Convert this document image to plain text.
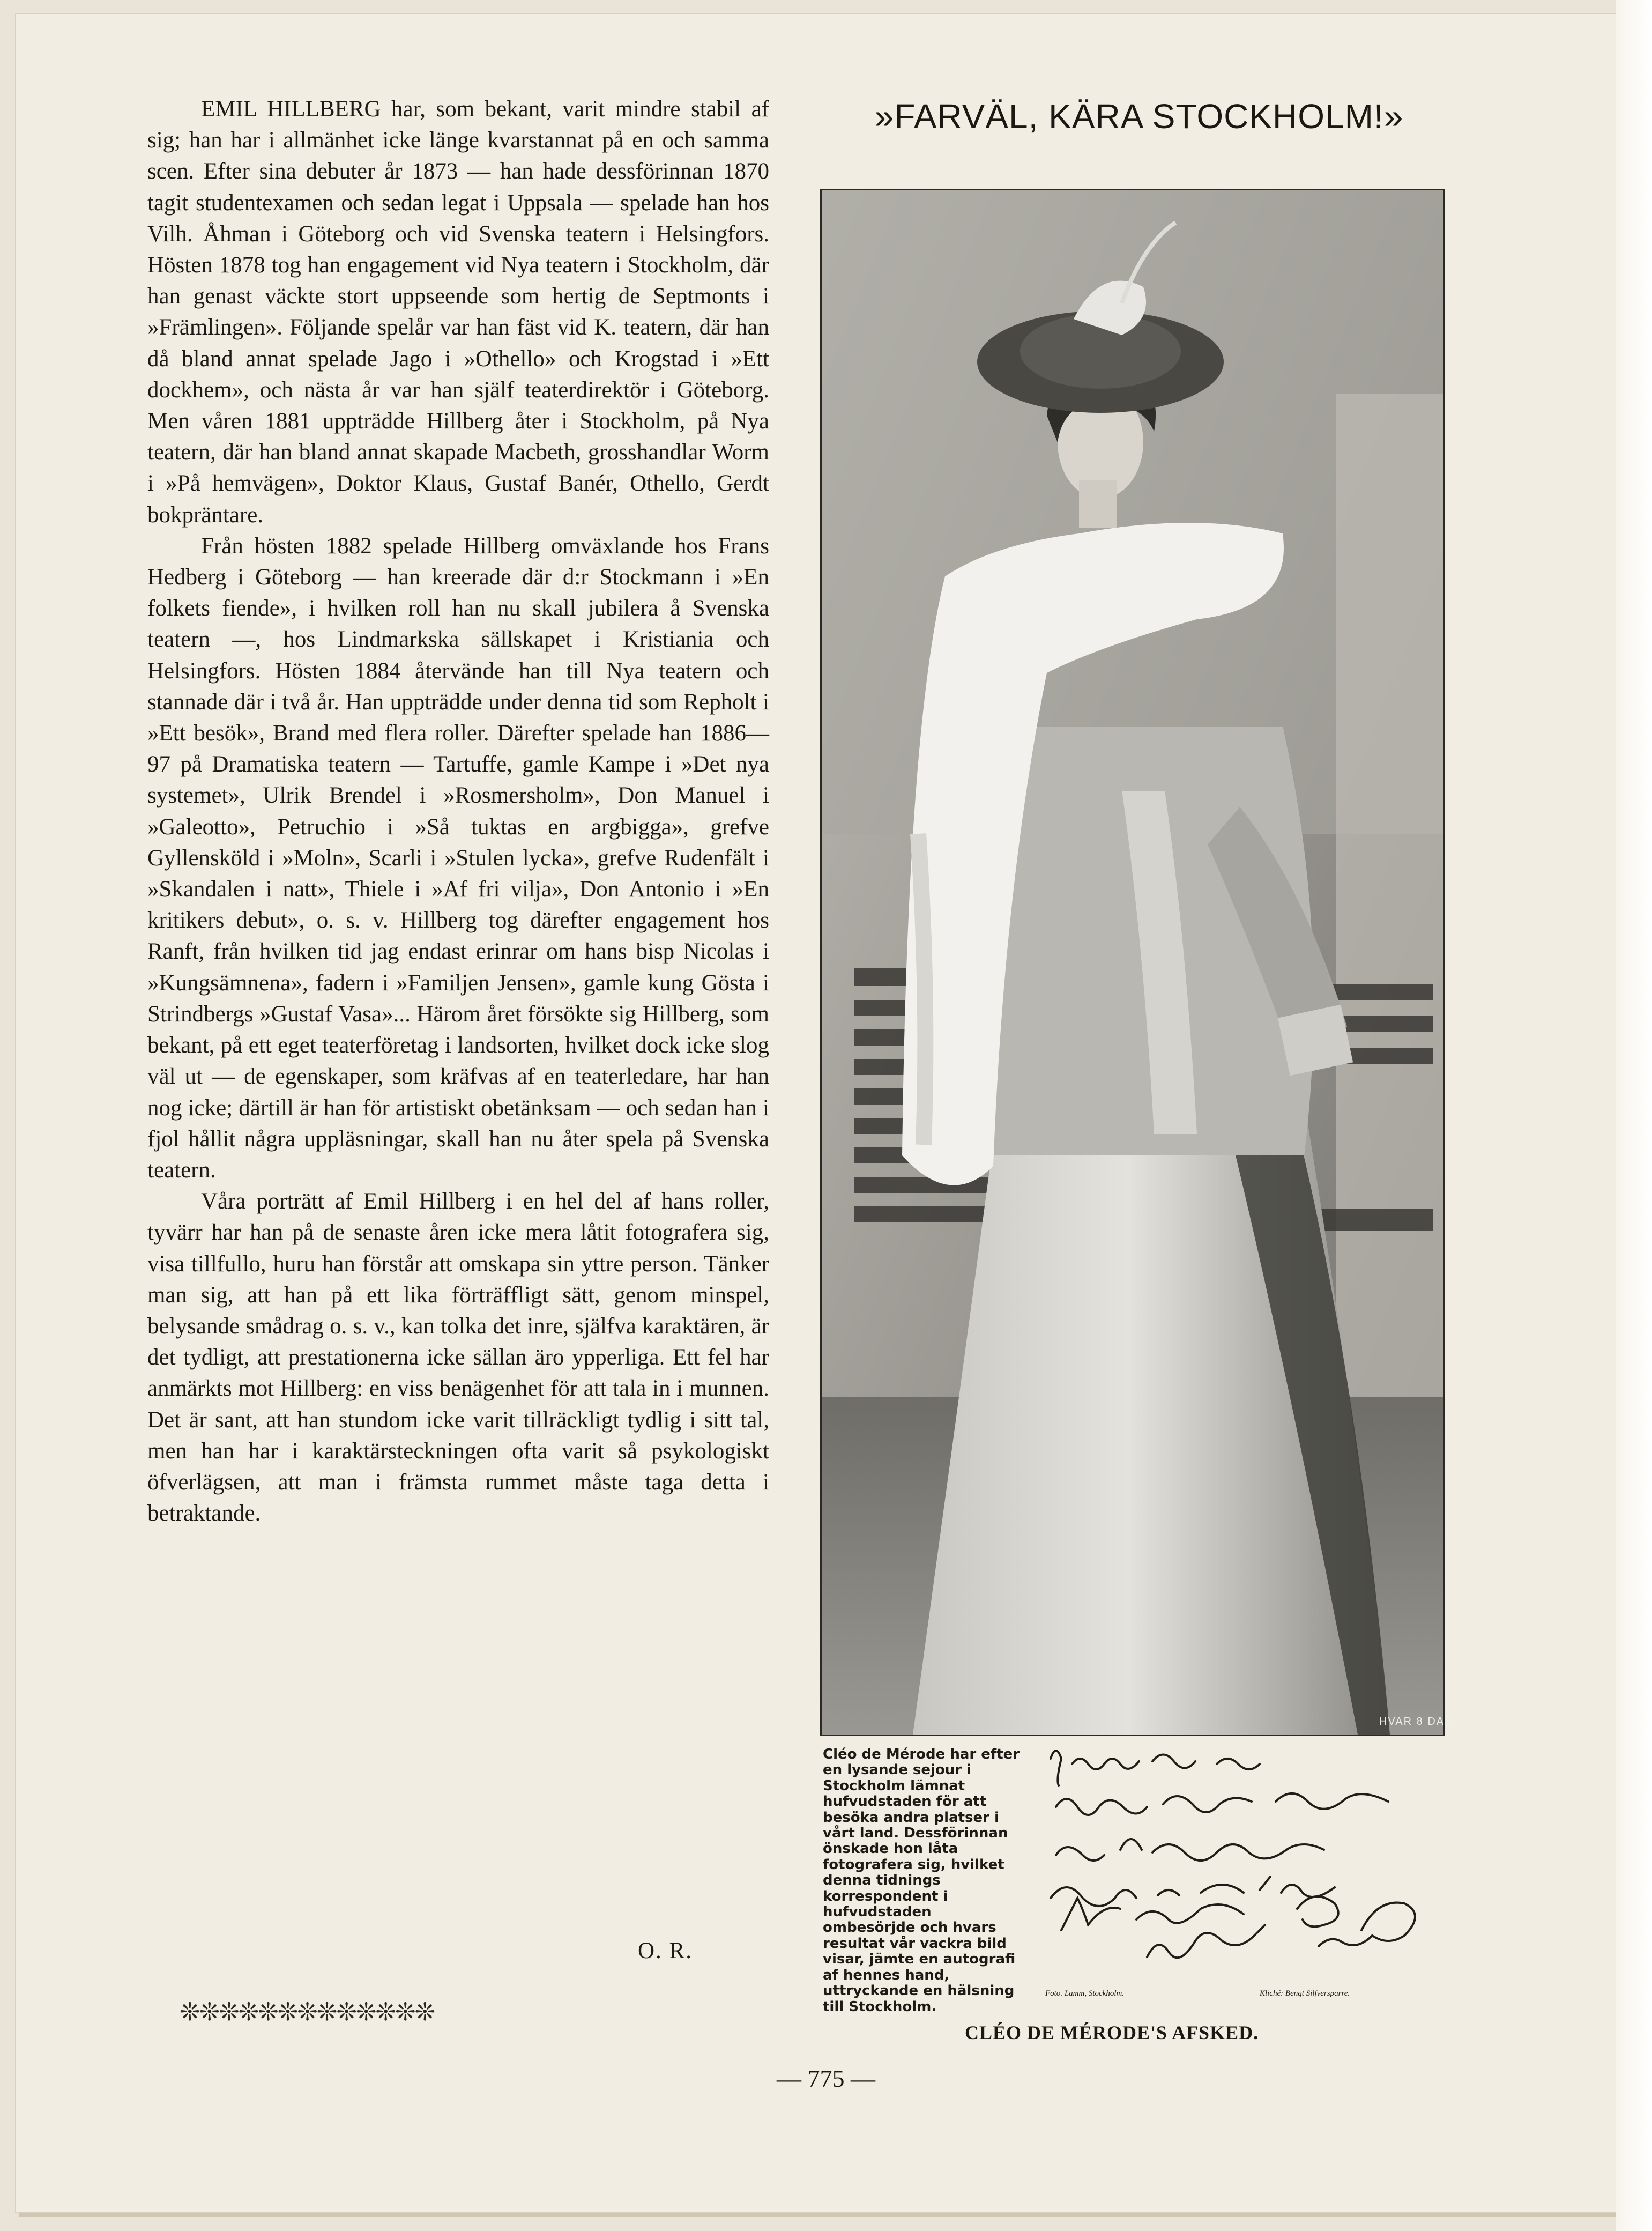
EMIL HILLBERG har, som bekant, varit mindre stabil af sig; han har i allmänhet icke länge kvarstannat på en och samma scen. Efter sina debuter år 1873 — han hade dessförinnan 1870 tagit studentexamen och sedan legat i Uppsala — spelade han hos Vilh. Åhman i Göteborg och vid Svenska teatern i Helsingfors. Hösten 1878 tog han engagement vid Nya teatern i Stockholm, där han genast väckte stort uppseende som hertig de Septmonts i »Främlingen». Följande spelår var han fäst vid K. teatern, där han då bland annat spelade Jago i »Othello» och Krogstad i »Ett dockhem», och nästa år var han själf teaterdirektör i Göteborg. Men våren 1881 uppträdde Hillberg åter i Stockholm, på Nya teatern, där han bland annat skapade Macbeth, grosshandlar Worm i »På hemvägen», Doktor Klaus, Gustaf Banér, Othello, Gerdt bokpräntare.

Från hösten 1882 spelade Hillberg omväxlande hos Frans Hedberg i Göteborg — han kreerade där d:r Stockmann i »En folkets fiende», i hvilken roll han nu skall jubilera å Svenska teatern —, hos Lindmarkska sällskapet i Kristiania och Helsingfors. Hösten 1884 återvände han till Nya teatern och stannade där i två år. Han uppträdde under denna tid som Repholt i »Ett besök», Brand med flera roller. Därefter spelade han 1886—97 på Dramatiska teatern — Tartuffe, gamle Kampe i »Det nya systemet», Ulrik Brendel i »Rosmersholm», Don Manuel i »Galeotto», Petruchio i »Så tuktas en argbigga», grefve Gyllensköld i »Moln», Scarli i »Stulen lycka», grefve Rudenfält i »Skandalen i natt», Thiele i »Af fri vilja», Don Antonio i »En kritikers debut», o. s. v. Hillberg tog därefter engagement hos Ranft, från hvilken tid jag endast erinrar om hans bisp Nicolas i »Kungsämnena», fadern i »Familjen Jensen», gamle kung Gösta i Strindbergs »Gustaf Vasa»... Härom året försökte sig Hillberg, som bekant, på ett eget teaterföretag i landsorten, hvilket dock icke slog väl ut — de egenskaper, som kräfvas af en teaterledare, har han nog icke; därtill är han för artistiskt obetänksam — och sedan han i fjol hållit några uppläsningar, skall han nu åter spela på Svenska teatern.

Våra porträtt af Emil Hillberg i en hel del af hans roller, tyvärr har han på de senaste åren icke mera låtit fotografera sig, visa tillfullo, huru han förstår att omskapa sin yttre person. Tänker man sig, att han på ett lika förträffligt sätt, genom minspel, belysande smådrag o. s. v., kan tolka det inre, själfva karaktären, är det tydligt, att prestationerna icke sällan äro ypperliga. Ett fel har anmärkts mot Hillberg: en viss benägenhet för att tala in i munnen. Det är sant, att han stundom icke varit tillräckligt tydlig i sitt tal, men han har i karaktärsteckningen ofta varit så psykologiskt öfverlägsen, att man i främsta rummet måste taga detta i betraktande.

O. R.
❊❊❊❊❊❊❊❊❊❊❊❊❊
»FARVÄL, KÄRA STOCKHOLM!»
HVAR 8 DAG.
Cléo de Mérode har efter en lysande sejour i Stockholm lämnat hufvudstaden för att besöka andra platser i vårt land. Dessförinnan önskade hon låta fotografera sig, hvilket denna tidnings korrespondent i hufvudstaden ombesörjde och hvars resultat vår vackra bild visar, jämte en autografi af hennes hand, uttryckande en hälsning till Stockholm.
Foto. Lamm, Stockholm.	Kliché: Bengt Silfversparre.
CLÉO DE MÉRODE'S AFSKED.
— 775 —
